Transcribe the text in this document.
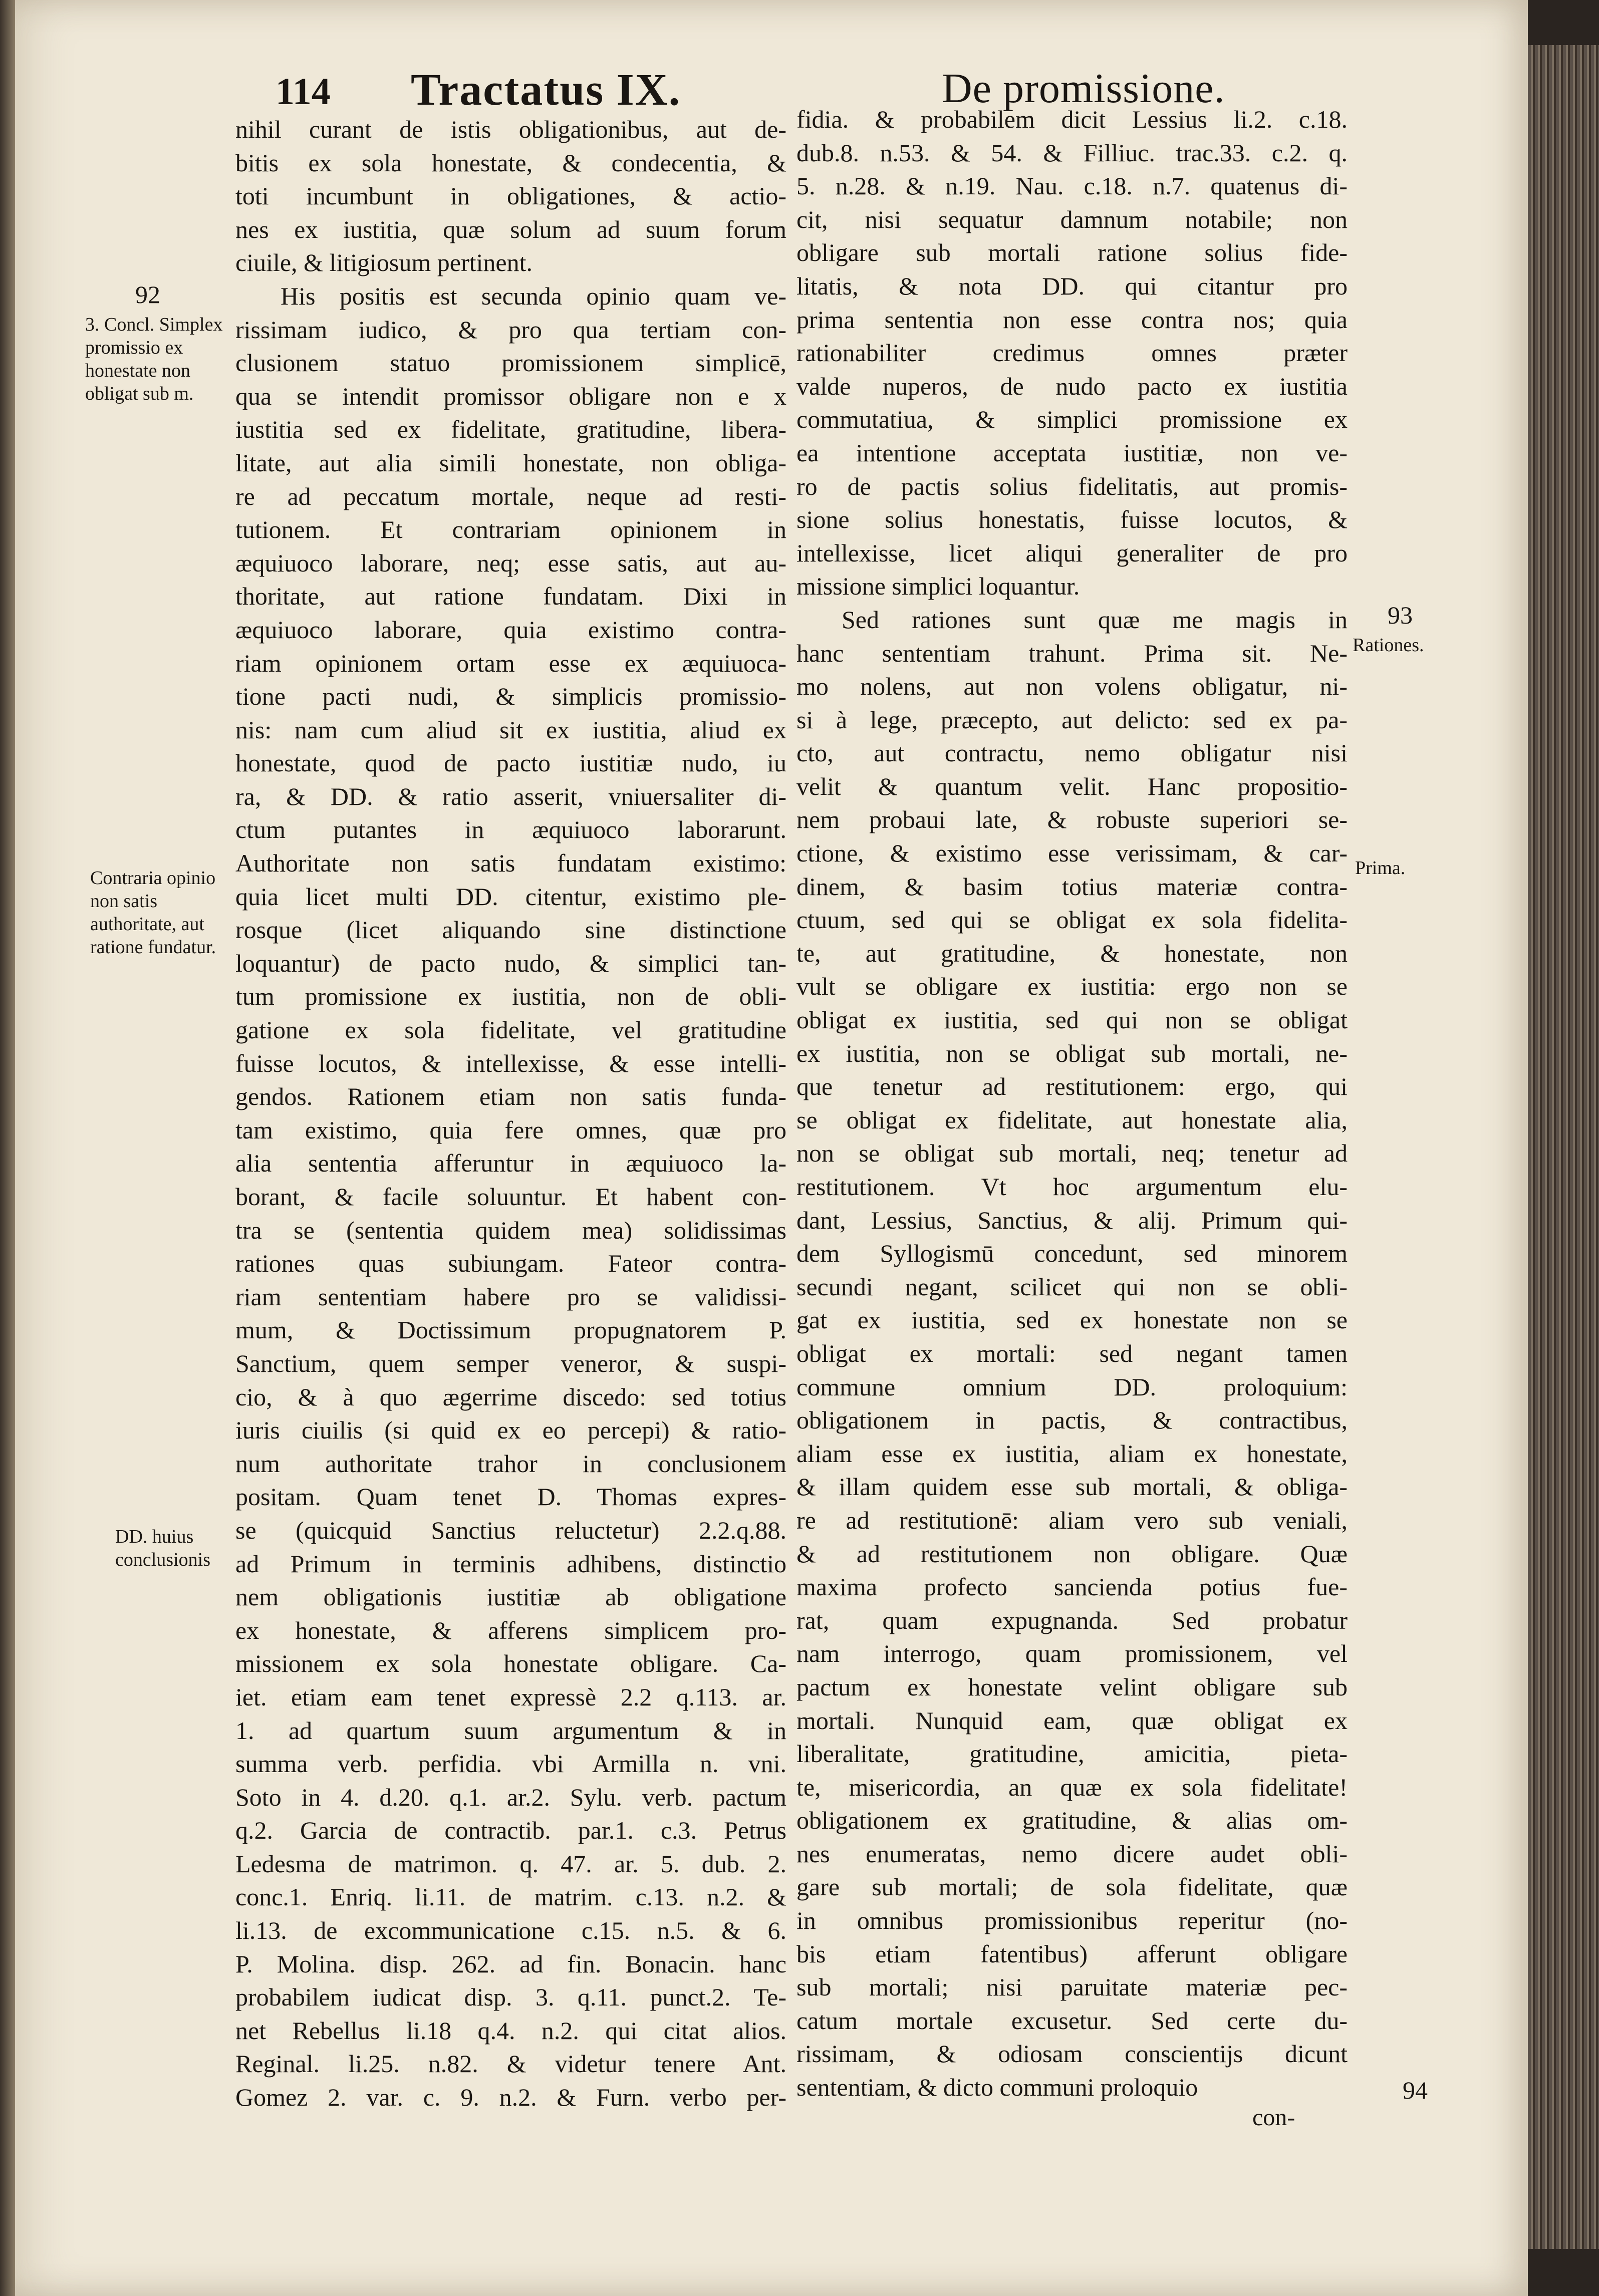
114 Tractatus IX.	De promissione.
nihil curant de istis obligationibus, aut de-
bitis ex sola honestate, & condecentia, &
toti incumbunt in obligationes, & actio-
nes ex iustitia, quæ solum ad suum forum
ciuile, & litigiosum pertinent.
His positis est secunda opinio quam ve-
rissimam iudico, & pro qua tertiam con-
clusionem statuo promissionem simplicē,
qua se intendit promissor obligare non e x
iustitia sed ex fidelitate, gratitudine, libera-
litate, aut alia simili honestate, non obliga-
re ad peccatum mortale, neque ad resti-
tutionem. Et contrariam opinionem in
æquiuoco laborare, neq; esse satis, aut au-
thoritate, aut ratione fundatam. Dixi in
æquiuoco laborare, quia existimo contra-
riam opinionem ortam esse ex æquiuoca-
tione pacti nudi, & simplicis promissio-
nis: nam cum aliud sit ex iustitia, aliud ex
honestate, quod de pacto iustitiæ nudo, iu
ra, & DD. & ratio asserit, vniuersaliter di-
ctum putantes in æquiuoco laborarunt.
Authoritate non satis fundatam existimo:
quia licet multi DD. citentur, existimo ple-
rosque (licet aliquando sine distinctione
loquantur) de pacto nudo, & simplici tan-
tum promissione ex iustitia, non de obli-
gatione ex sola fidelitate, vel gratitudine
fuisse locutos, & intellexisse, & esse intelli-
gendos. Rationem etiam non satis funda-
tam existimo, quia fere omnes, quæ pro
alia sententia afferuntur in æquiuoco la-
borant, & facile soluuntur. Et habent con-
tra se (sententia quidem mea) solidissimas
rationes quas subiungam. Fateor contra-
riam sententiam habere pro se validissi-
mum, & Doctissimum propugnatorem P.
Sanctium, quem semper veneror, & suspi-
cio, & à quo ægerrime discedo: sed totius
iuris ciuilis (si quid ex eo percepi) & ratio-
num authoritate trahor in conclusionem
positam. Quam tenet D. Thomas expres-
se (quicquid Sanctius reluctetur) 2.2.q.88.
ad Primum in terminis adhibens, distinctio
nem obligationis iustitiæ ab obligatione
ex honestate, & afferens simplicem pro-
missionem ex sola honestate obligare. Ca-
iet. etiam eam tenet expressè 2.2 q.113. ar.
1. ad quartum suum argumentum & in
summa verb. perfidia. vbi Armilla n. vni.
Soto in 4. d.20. q.1. ar.2. Sylu. verb. pactum
q.2. Garcia de contractib. par.1. c.3. Petrus
Ledesma de matrimon. q. 47. ar. 5. dub. 2.
conc.1. Enriq. li.11. de matrim. c.13. n.2. &
li.13. de excommunicatione c.15. n.5. & 6.
P. Molina. disp. 262. ad fin. Bonacin. hanc
probabilem iudicat disp. 3. q.11. punct.2. Te-
net Rebellus li.18 q.4. n.2. qui citat alios.
Reginal. li.25. n.82. & videtur tenere Ant.
Gomez 2. var. c. 9. n.2. & Furn. verbo per-
fidia. & probabilem dicit Lessius li.2. c.18.
dub.8. n.53. & 54. & Filliuc. trac.33. c.2. q.
5. n.28. & n.19. Nau. c.18. n.7. quatenus di-
cit, nisi sequatur damnum notabile; non
obligare sub mortali ratione solius fide-
litatis, & nota DD. qui citantur pro
prima sententia non esse contra nos; quia
rationabiliter credimus omnes præter
valde nuperos, de nudo pacto ex iustitia
commutatiua, & simplici promissione ex
ea intentione acceptata iustitiæ, non ve-
ro de pactis solius fidelitatis, aut promis-
sione solius honestatis, fuisse locutos, &
intellexisse, licet aliqui generaliter de pro
missione simplici loquantur.
Sed rationes sunt quæ me magis in
hanc sententiam trahunt. Prima sit. Ne-
mo nolens, aut non volens obligatur, ni-
si à lege, præcepto, aut delicto: sed ex pa-
cto, aut contractu, nemo obligatur nisi
velit & quantum velit. Hanc propositio-
nem probaui late, & robuste superiori se-
ctione, & existimo esse verissimam, & car-
dinem, & basim totius materiæ contra-
ctuum, sed qui se obligat ex sola fidelita-
te, aut gratitudine, & honestate, non
vult se obligare ex iustitia: ergo non se
obligat ex iustitia, sed qui non se obligat
ex iustitia, non se obligat sub mortali, ne-
que tenetur ad restitutionem: ergo, qui
se obligat ex fidelitate, aut honestate alia,
non se obligat sub mortali, neq; tenetur ad
restitutionem. Vt hoc argumentum elu-
dant, Lessius, Sanctius, & alij. Primum qui-
dem Syllogismū concedunt, sed minorem
secundi negant, scilicet qui non se obli-
gat ex iustitia, sed ex honestate non se
obligat ex mortali: sed negant tamen
commune omnium DD. proloquium:
obligationem in pactis, & contractibus,
aliam esse ex iustitia, aliam ex honestate,
& illam quidem esse sub mortali, & obliga-
re ad restitutionē: aliam vero sub veniali,
& ad restitutionem non obligare. Quæ
maxima profecto sancienda potius fue-
rat, quam expugnanda. Sed probatur
nam interrogo, quam promissionem, vel
pactum ex honestate velint obligare sub
mortali. Nunquid eam, quæ obligat ex
liberalitate, gratitudine, amicitia, pieta-
te, misericordia, an quæ ex sola fidelitate!
obligationem ex gratitudine, & alias om-
nes enumeratas, nemo dicere audet obli-
gare sub mortali; de sola fidelitate, quæ
in omnibus promissionibus reperitur (no-
bis etiam fatentibus) afferunt obligare
sub mortali; nisi paruitate materiæ pec-
catum mortale excusetur. Sed certe du-
rissimam, & odiosam conscientijs dicunt
sententiam, & dicto communi proloquio
92
3. Concl. Simplex promissio ex honestate non obligat sub m.
Contraria opinio non satis authoritate, aut ratione fundatur.
DD. huius conclusionis
93
Rationes.
Prima.
94
con-
